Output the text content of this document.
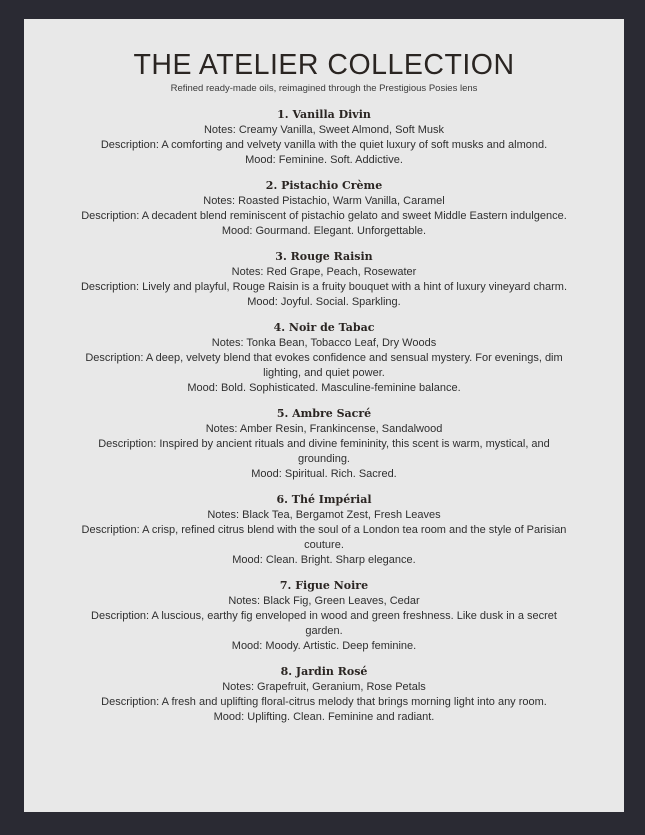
THE ATELIER COLLECTION
Refined ready-made oils, reimagined through the Prestigious Posies lens
1. Vanilla Divin
Notes: Creamy Vanilla, Sweet Almond, Soft Musk
Description: A comforting and velvety vanilla with the quiet luxury of soft musks and almond.
Mood: Feminine. Soft. Addictive.
2. Pistachio Crème
Notes: Roasted Pistachio, Warm Vanilla, Caramel
Description: A decadent blend reminiscent of pistachio gelato and sweet Middle Eastern indulgence.
Mood: Gourmand. Elegant. Unforgettable.
3. Rouge Raisin
Notes: Red Grape, Peach, Rosewater
Description: Lively and playful, Rouge Raisin is a fruity bouquet with a hint of luxury vineyard charm.
Mood: Joyful. Social. Sparkling.
4. Noir de Tabac
Notes: Tonka Bean, Tobacco Leaf, Dry Woods
Description: A deep, velvety blend that evokes confidence and sensual mystery. For evenings, dim lighting, and quiet power.
Mood: Bold. Sophisticated. Masculine-feminine balance.
5. Ambre Sacré
Notes: Amber Resin, Frankincense, Sandalwood
Description: Inspired by ancient rituals and divine femininity, this scent is warm, mystical, and grounding.
Mood: Spiritual. Rich. Sacred.
6. Thé Impérial
Notes: Black Tea, Bergamot Zest, Fresh Leaves
Description: A crisp, refined citrus blend with the soul of a London tea room and the style of Parisian couture.
Mood: Clean. Bright. Sharp elegance.
7. Figue Noire
Notes: Black Fig, Green Leaves, Cedar
Description: A luscious, earthy fig enveloped in wood and green freshness. Like dusk in a secret garden.
Mood: Moody. Artistic. Deep feminine.
8. Jardin Rosé
Notes: Grapefruit, Geranium, Rose Petals
Description: A fresh and uplifting floral-citrus melody that brings morning light into any room.
Mood: Uplifting. Clean. Feminine and radiant.
